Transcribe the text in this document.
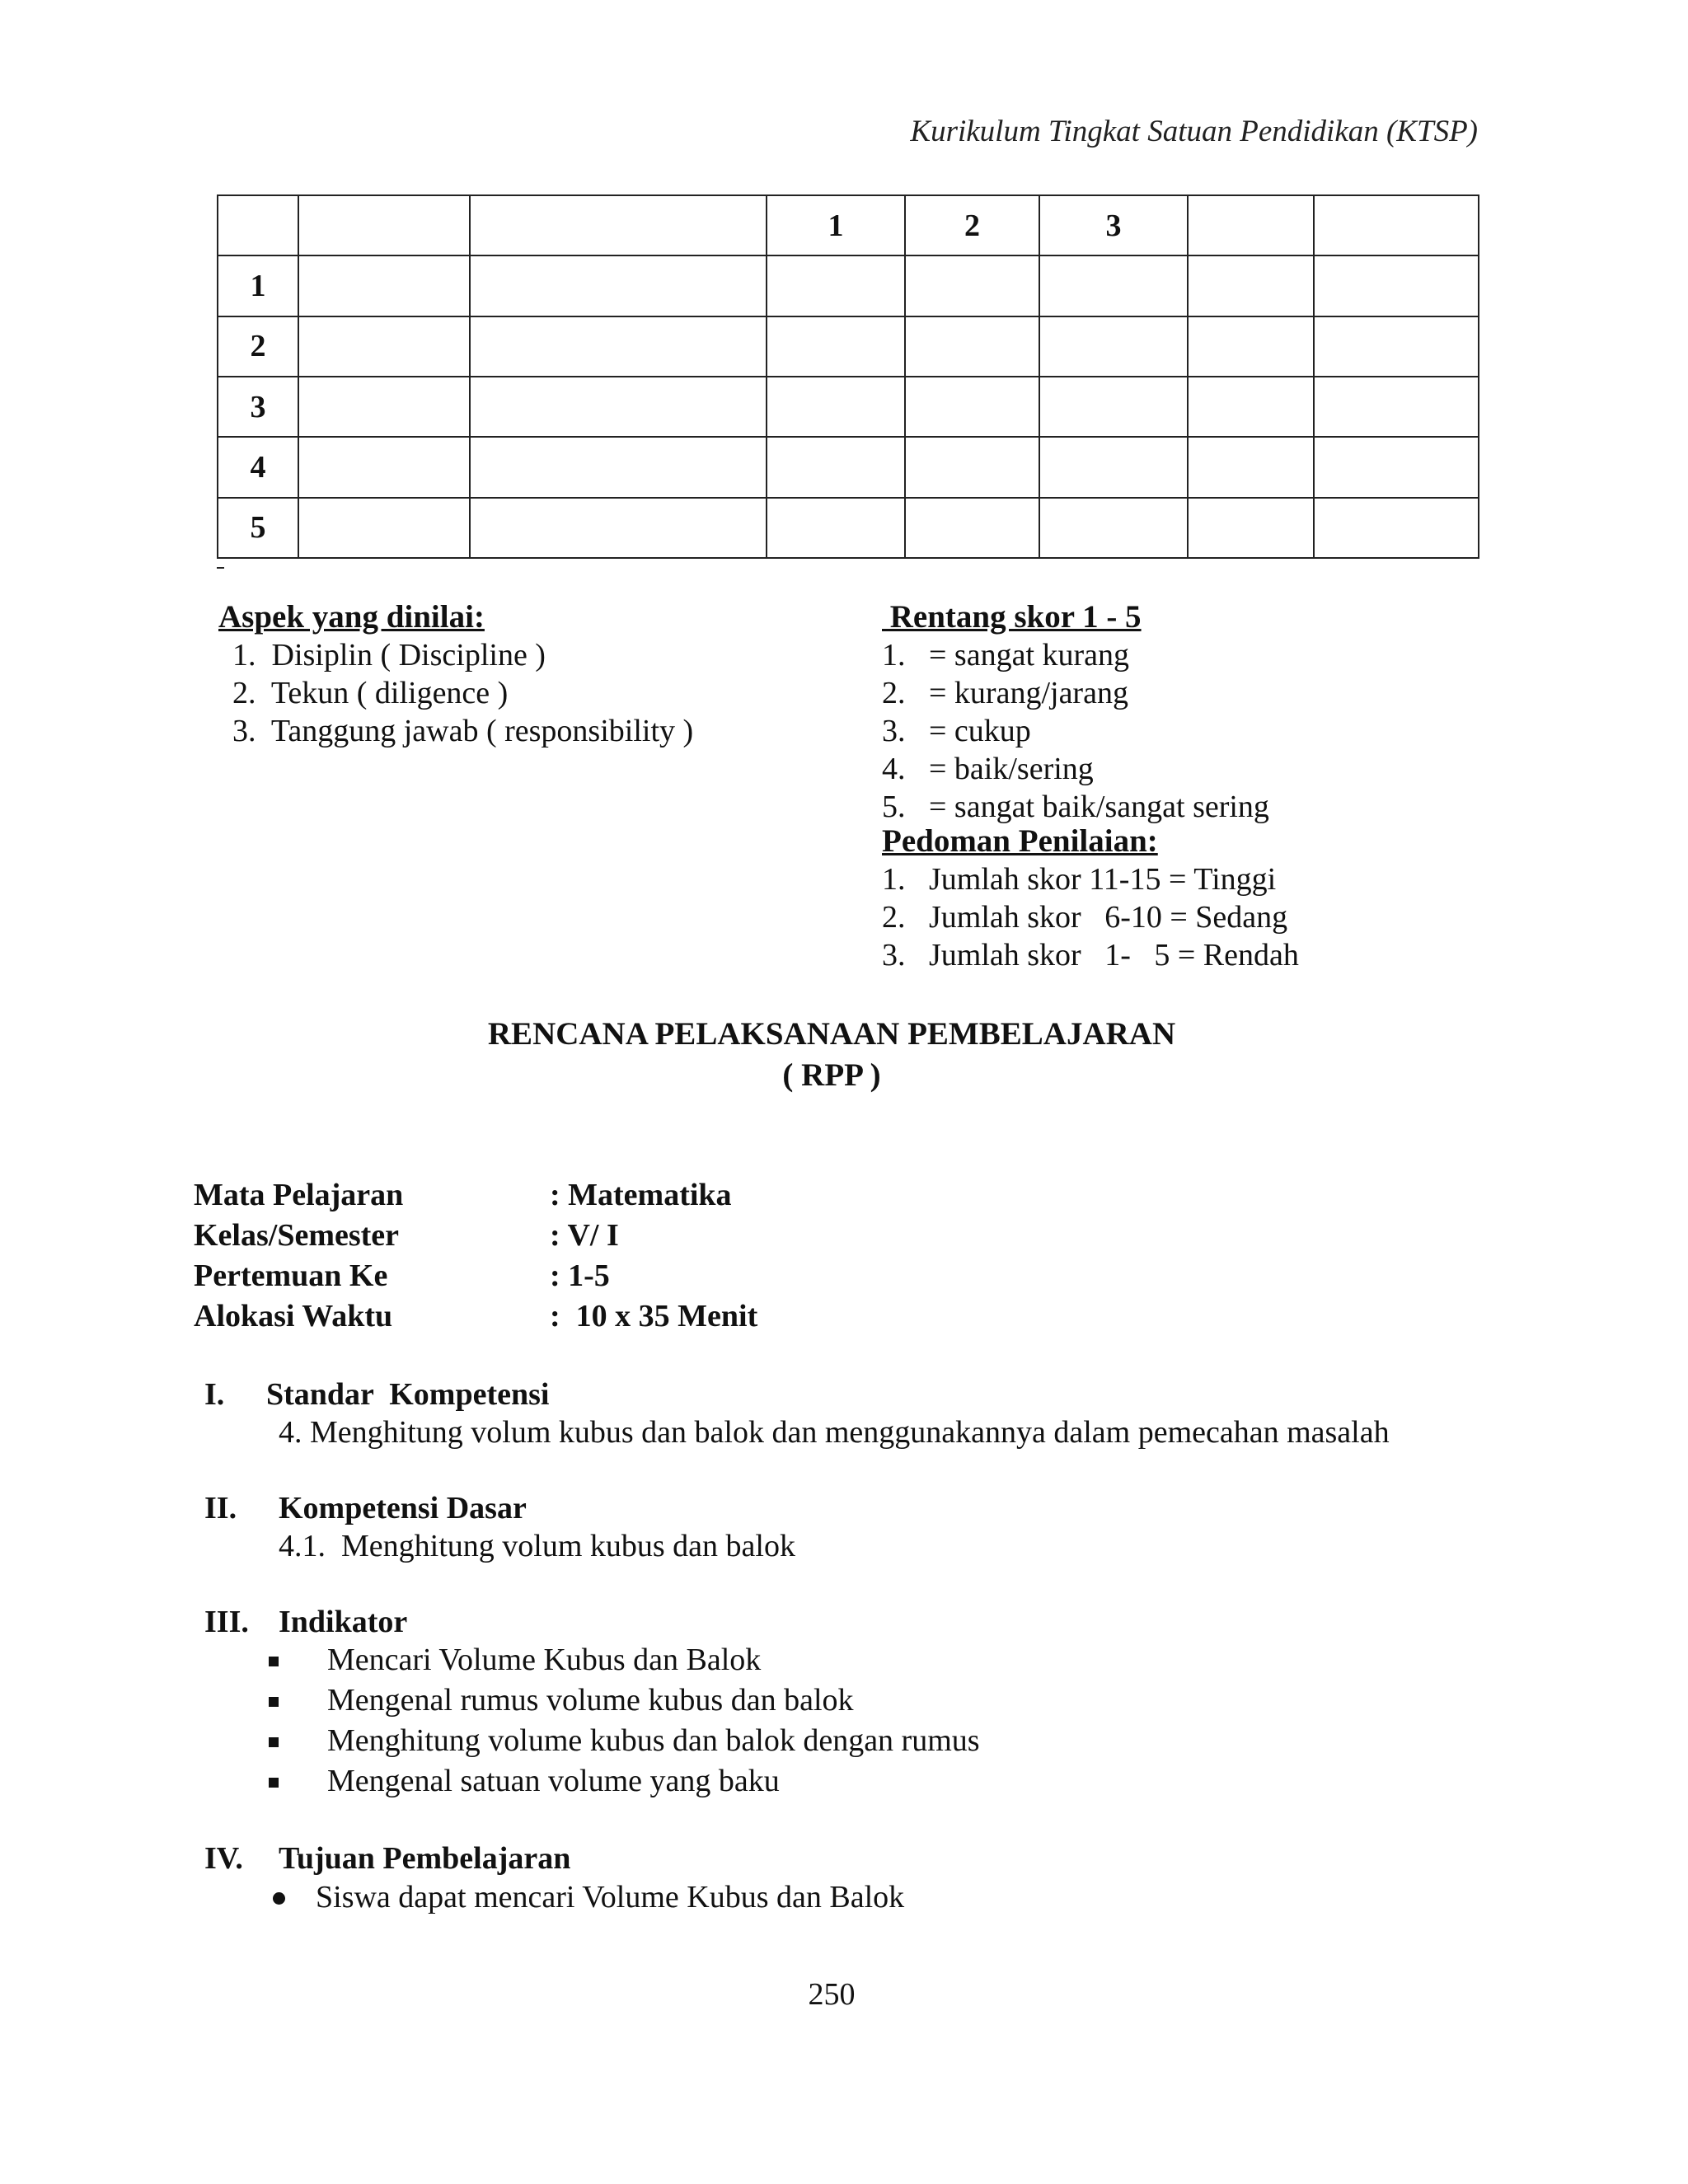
Kurikulum Tingkat Satuan Pendidikan (KTSP)
			1	2	3		
1							
2							
3							
4							
5							
Aspek yang dinilai:
1.  Disiplin ( Discipline )
2.  Tekun ( diligence )
3.  Tanggung jawab ( responsibility )
Rentang skor 1 - 5
1.   = sangat kurang
2.   = kurang/jarang
3.   = cukup
4.   = baik/sering
5.   = sangat baik/sangat sering
Pedoman Penilaian:
1.   Jumlah skor 11-15 = Tinggi
2.   Jumlah skor   6-10 = Sedang
3.   Jumlah skor   1-   5 = Rendah
RENCANA PELAKSANAAN PEMBELAJARAN
( RPP )
Mata Pelajaran	: Matematika
Kelas/Semester	: V/ I
Pertemuan Ke	: 1-5
Alokasi Waktu	:  10 x 35 Menit
I. Standar  Kompetensi
4. Menghitung volum kubus dan balok dan menggunakannya dalam pemecahan masalah
II. Kompetensi Dasar
4.1.  Menghitung volum kubus dan balok
III. Indikator
Mencari Volume Kubus dan Balok
Mengenal rumus volume kubus dan balok
Menghitung volume kubus dan balok dengan rumus
Mengenal satuan volume yang baku
IV. Tujuan Pembelajaran
Siswa dapat mencari Volume Kubus dan Balok
250
